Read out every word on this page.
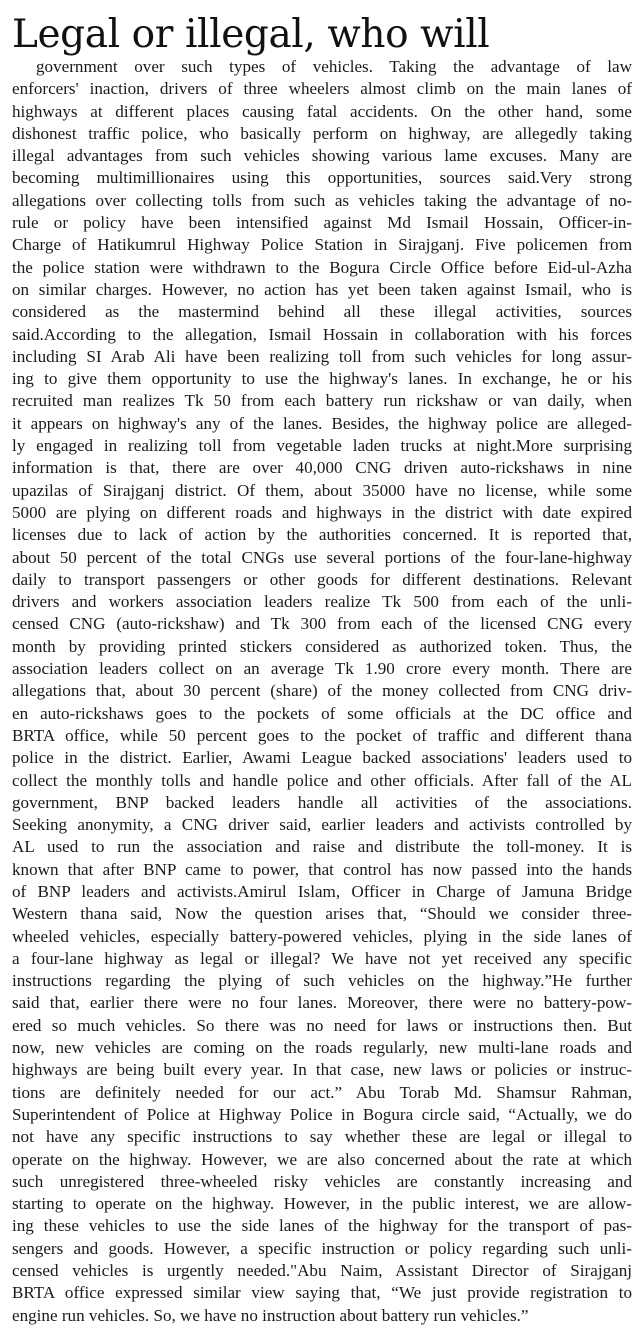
Legal or illegal, who will
government over such types of vehicles. Taking the advantage of law
enforcers' inaction, drivers of three wheelers almost climb on the main lanes of
highways at different places causing fatal accidents. On the other hand, some
dishonest traffic police, who basically perform on highway, are allegedly taking
illegal advantages from such vehicles showing various lame excuses. Many are
becoming multimillionaires using this opportunities, sources said.Very strong
allegations over collecting tolls from such as vehicles taking the advantage of no-
rule or policy have been intensified against Md Ismail Hossain, Officer-in-
Charge of Hatikumrul Highway Police Station in Sirajganj. Five policemen from
the police station were withdrawn to the Bogura Circle Office before Eid-ul-Azha
on similar charges. However, no action has yet been taken against Ismail, who is
considered as the mastermind behind all these illegal activities, sources
said.According to the allegation, Ismail Hossain in collaboration with his forces
including SI Arab Ali have been realizing toll from such vehicles for long assur-
ing to give them opportunity to use the highway's lanes. In exchange, he or his
recruited man realizes Tk 50 from each battery run rickshaw or van daily, when
it appears on highway's any of the lanes. Besides, the highway police are alleged-
ly engaged in realizing toll from vegetable laden trucks at night.More surprising
information is that, there are over 40,000 CNG driven auto-rickshaws in nine
upazilas of Sirajganj district. Of them, about 35000 have no license, while some
5000 are plying on different roads and highways in the district with date expired
licenses due to lack of action by the authorities concerned. It is reported that,
about 50 percent of the total CNGs use several portions of the four-lane-highway
daily to transport passengers or other goods for different destinations. Relevant
drivers and workers association leaders realize Tk 500 from each of the unli-
censed CNG (auto-rickshaw) and Tk 300 from each of the licensed CNG every
month by providing printed stickers considered as authorized token. Thus, the
association leaders collect on an average Tk 1.90 crore every month. There are
allegations that, about 30 percent (share) of the money collected from CNG driv-
en auto-rickshaws goes to the pockets of some officials at the DC office and
BRTA office, while 50 percent goes to the pocket of traffic and different thana
police in the district. Earlier, Awami League backed associations' leaders used to
collect the monthly tolls and handle police and other officials. After fall of the AL
government, BNP backed leaders handle all activities of the associations.
Seeking anonymity, a CNG driver said, earlier leaders and activists controlled by
AL used to run the association and raise and distribute the toll-money. It is
known that after BNP came to power, that control has now passed into the hands
of BNP leaders and activists.Amirul Islam, Officer in Charge of Jamuna Bridge
Western thana said, Now the question arises that, “Should we consider three-
wheeled vehicles, especially battery-powered vehicles, plying in the side lanes of
a four-lane highway as legal or illegal? We have not yet received any specific
instructions regarding the plying of such vehicles on the highway.”He further
said that, earlier there were no four lanes. Moreover, there were no battery-pow-
ered so much vehicles. So there was no need for laws or instructions then. But
now, new vehicles are coming on the roads regularly, new multi-lane roads and
highways are being built every year. In that case, new laws or policies or instruc-
tions are definitely needed for our act.” Abu Torab Md. Shamsur Rahman,
Superintendent of Police at Highway Police in Bogura circle said, “Actually, we do
not have any specific instructions to say whether these are legal or illegal to
operate on the highway. However, we are also concerned about the rate at which
such unregistered three-wheeled risky vehicles are constantly increasing and
starting to operate on the highway. However, in the public interest, we are allow-
ing these vehicles to use the side lanes of the highway for the transport of pas-
sengers and goods. However, a specific instruction or policy regarding such unli-
censed vehicles is urgently needed."Abu Naim, Assistant Director of Sirajganj
BRTA office expressed similar view saying that, “We just provide registration to
engine run vehicles. So, we have no instruction about battery run vehicles.”
